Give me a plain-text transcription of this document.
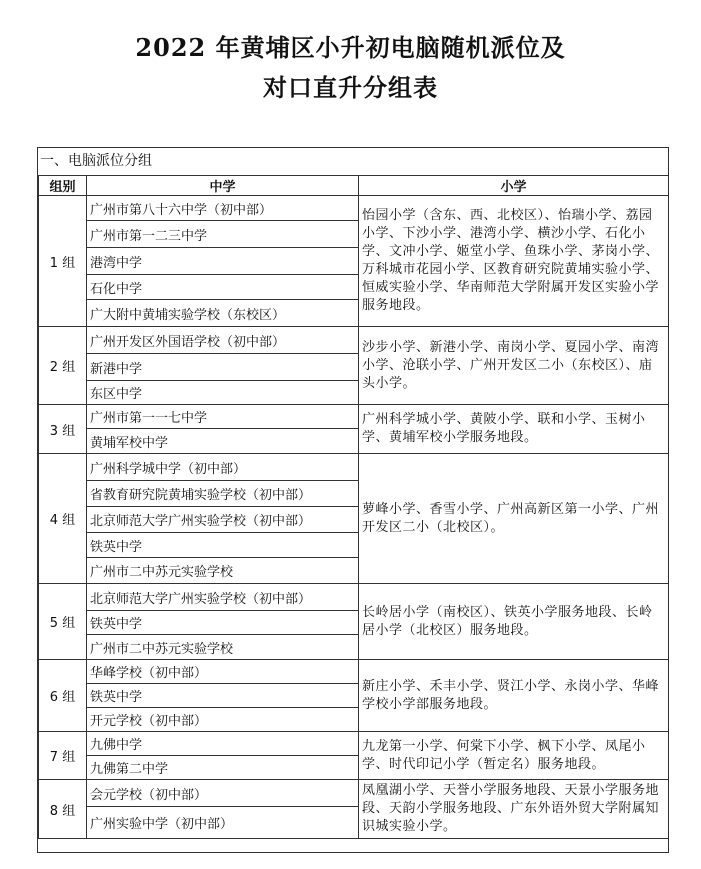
2022 年黄埔区小升初电脑随机派位及
对口直升分组表
一、电脑派位分组
组别	中学	小学
1 组	广州市第八十六中学（初中部）	怡园小学（含东、西、北校区）、怡瑞小学、荔园小学、下沙小学、港湾小学、横沙小学、石化小学、文冲小学、姬堂小学、鱼珠小学、茅岗小学、万科城市花园小学、区教育研究院黄埔实验小学、恒威实验小学、华南师范大学附属开发区实验小学服务地段。
	广州市第一二三中学	
	港湾中学	
	石化中学	
	广大附中黄埔实验学校（东校区）	
2 组	广州开发区外国语学校（初中部）	沙步小学、新港小学、南岗小学、夏园小学、南湾小学、沧联小学、广州开发区二小（东校区）、庙头小学。
	新港中学	
	东区中学	
3 组	广州市第一一七中学	广州科学城小学、黄陂小学、联和小学、玉树小学、黄埔军校小学服务地段。
	黄埔军校中学	
4 组	广州科学城中学（初中部）	萝峰小学、香雪小学、广州高新区第一小学、广州开发区二小（北校区）。
	省教育研究院黄埔实验学校（初中部）	
	北京师范大学广州实验学校（初中部）	
	铁英中学	
	广州市二中苏元实验学校	
5 组	北京师范大学广州实验学校（初中部）	长岭居小学（南校区）、铁英小学服务地段、长岭居小学（北校区）服务地段。
	铁英中学	
	广州市二中苏元实验学校	
6 组	华峰学校（初中部）	新庄小学、禾丰小学、贤江小学、永岗小学、华峰学校小学部服务地段。
	铁英中学	
	开元学校（初中部）	
7 组	九佛中学	九龙第一小学、何棠下小学、枫下小学、凤尾小学、时代印记小学（暂定名）服务地段。
	九佛第二中学	
8 组	会元学校（初中部）	凤凰湖小学、天誉小学服务地段、天景小学服务地段、天韵小学服务地段、广东外语外贸大学附属知识城实验小学。
	广州实验中学（初中部）	
